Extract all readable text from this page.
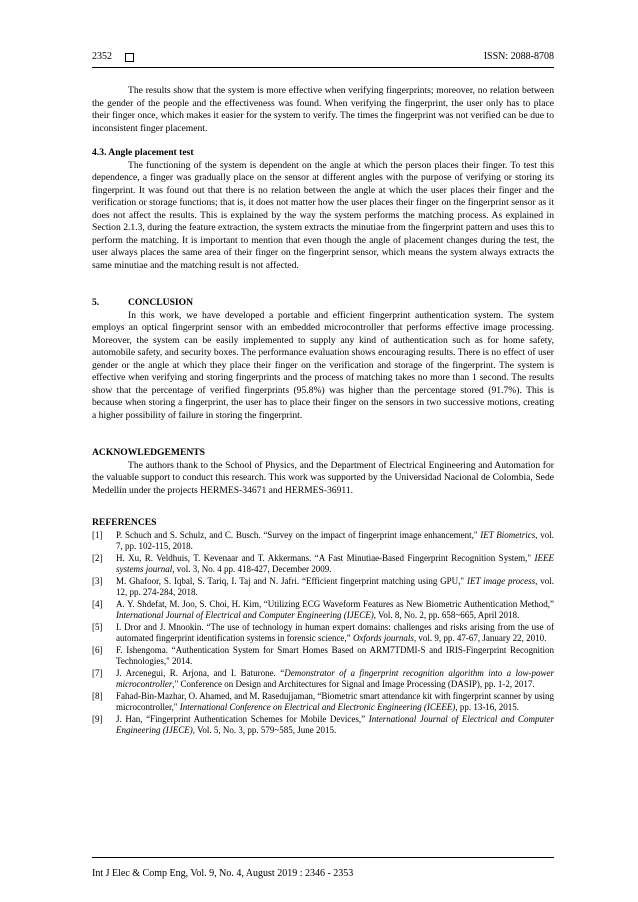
2352	ISSN: 2088-8708

The results show that the system is more effective when verifying fingerprints; moreover, no relation between the gender of the people and the effectiveness was found. When verifying the fingerprint, the user only has to place their finger once, which makes it easier for the system to verify. The times the fingerprint was not verified can be due to inconsistent finger placement.

4.3. Angle placement test

The functioning of the system is dependent on the angle at which the person places their finger. To test this dependence, a finger was gradually place on the sensor at different angles with the purpose of verifying or storing its fingerprint. It was found out that there is no relation between the angle at which the user places their finger and the verification or storage functions; that is, it does not matter how the user places their finger on the fingerprint sensor as it does not affect the results. This is explained by the way the system performs the matching process. As explained in Section 2.1.3, during the feature extraction, the system extracts the minutiae from the fingerprint pattern and uses this to perform the matching. It is important to mention that even though the angle of placement changes during the test, the user always places the same area of their finger on the fingerprint sensor, which means the system always extracts the same minutiae and the matching result is not affected.

5.	CONCLUSION

In this work, we have developed a portable and efficient fingerprint authentication system. The system employs an optical fingerprint sensor with an embedded microcontroller that performs effective image processing. Moreover, the system can be easily implemented to supply any kind of authentication such as for home safety, automobile safety, and security boxes. The performance evaluation shows encouraging results. There is no effect of user gender or the angle at which they place their finger on the verification and storage of the fingerprint. The system is effective when verifying and storing fingerprints and the process of matching takes no more than 1 second. The results show that the percentage of verified fingerprints (95.8%) was higher than the percentage stored (91.7%). This is because when storing a fingerprint, the user has to place their finger on the sensors in two successive motions, creating a higher possibility of failure in storing the fingerprint.

ACKNOWLEDGEMENTS

The authors thank to the School of Physics, and the Department of Electrical Engineering and Automation for the valuable support to conduct this research. This work was supported by the Universidad Nacional de Colombia, Sede Medellín under the projects HERMES-34671 and HERMES-36911.

REFERENCES

[1] P. Schuch and S. Schulz, and C. Busch. “Survey on the impact of fingerprint image enhancement," IET Biometrics, vol. 7, pp. 102-115, 2018.
[2] H. Xu, R. Veldhuis, T. Kevenaar and T. Akkermans. “A Fast Minutiae-Based Fingerprint Recognition System," IEEE systems journal, vol. 3, No. 4 pp. 418-427, December 2009.
[3] M. Ghafoor, S. Iqbal, S. Tariq, I. Taj and N. Jafri. “Efficient fingerprint matching using GPU," IET image process, vol. 12, pp. 274-284, 2018.
[4] A. Y. Shdefat, M. Joo, S. Choi, H. Kim, “Utilizing ECG Waveform Features as New Biometric Authentication Method,” International Journal of Electrical and Computer Engineering (IJECE), Vol. 8, No. 2, pp. 658~665, April 2018.
[5] I. Dror and J. Mnookin. “The use of technology in human expert domains: challenges and risks arising from the use of automated fingerprint identification systems in forensic science,” Oxfords journals, vol. 9, pp. 47-67, January 22, 2010.
[6] F. Ishengoma. “Authentication System for Smart Homes Based on ARM7TDMI-S and IRIS-Fingerprint Recognition Technologies," 2014.
[7] J. Arcenegui, R. Arjona, and I. Baturone. “Demonstrator of a fingerprint recognition algorithm into a low-power microcontroller," Conference on Design and Architectures for Signal and Image Processing (DASIP), pp. 1-2, 2017.
[8] Fahad-Bin-Mazhar, O. Ahamed, and M. Rasedujjaman, “Biometric smart attendance kit with fingerprint scanner by using microcontroller," International Conference on Electrical and Electronic Engineering (ICEEE), pp. 13-16, 2015.
[9] J. Han, “Fingerprint Authentication Schemes for Mobile Devices,” International Journal of Electrical and Computer Engineering (IJECE), Vol. 5, No. 3, pp. 579~585, June 2015.
Int J Elec & Comp Eng, Vol. 9, No. 4, August 2019 : 2346 - 2353
